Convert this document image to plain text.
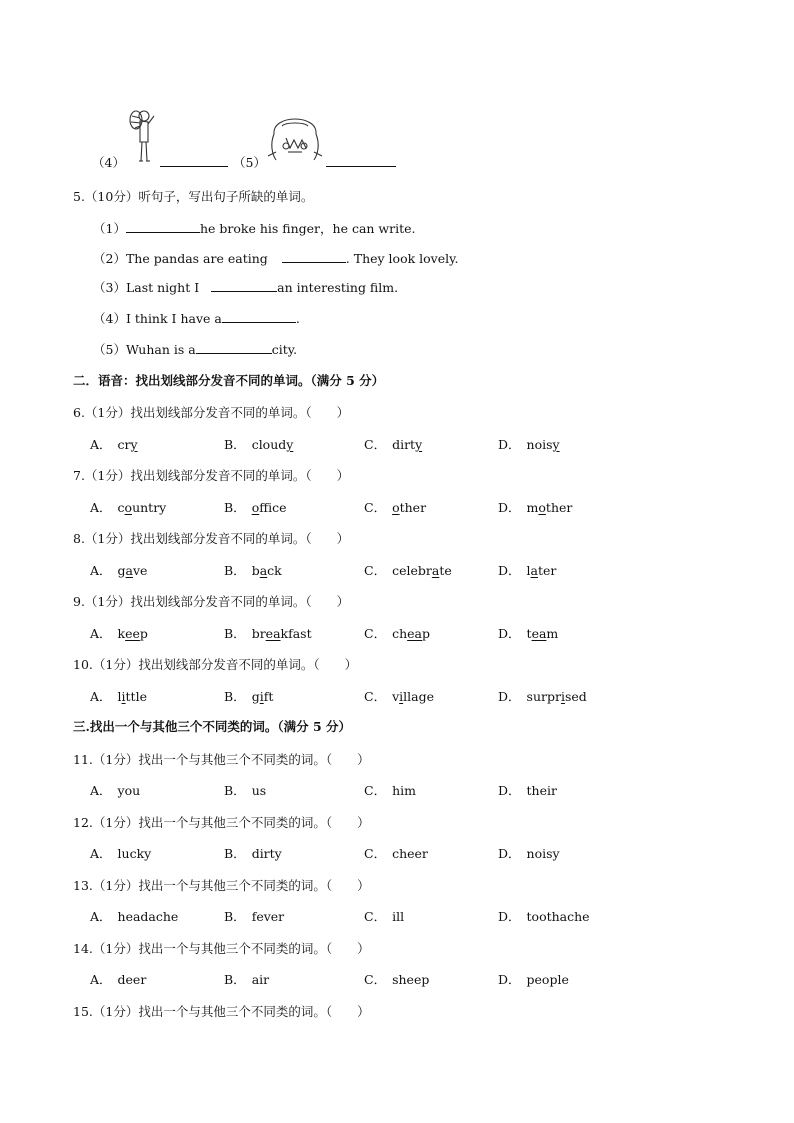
（4）	（5）
5.（10分）听句子，写出句子所缺的单词。
（1）	he broke his finger，he can write.
（2）The pandas are eating	. They look lovely.
（3）Last night I	an interesting film.
（4）I think I have a	.
（5）Wuhan is a	city.
二．语音：找出划线部分发音不同的单词。（满分 5 分）
6.（1分）找出划线部分发音不同的单词。（　　）
A． cry	B． cloudy	C． dirty	D． noisy
7.（1分）找出划线部分发音不同的单词。（　　）
A． country	B． office	C． other	D． mother
8.（1分）找出划线部分发音不同的单词。（　　）
A． gave	B． back	C． celebrate	D． later
9.（1分）找出划线部分发音不同的单词。（　　）
A． keep	B． breakfast	C． cheap	D． team
10.（1分）找出划线部分发音不同的单词。（　　）
A． little	B． gift	C． village	D． surprised
三.找出一个与其他三个不同类的词。（满分 5 分）
11.（1分）找出一个与其他三个不同类的词。（　　）
A． you	B． us	C． him	D． their
12.（1分）找出一个与其他三个不同类的词。（　　）
A． lucky	B． dirty	C． cheer	D． noisy
13.（1分）找出一个与其他三个不同类的词。（　　）
A． headache	B． fever	C． ill	D． toothache
14.（1分）找出一个与其他三个不同类的词。（　　）
A． deer	B． air	C． sheep	D． people
15.（1分）找出一个与其他三个不同类的词。（　　）
